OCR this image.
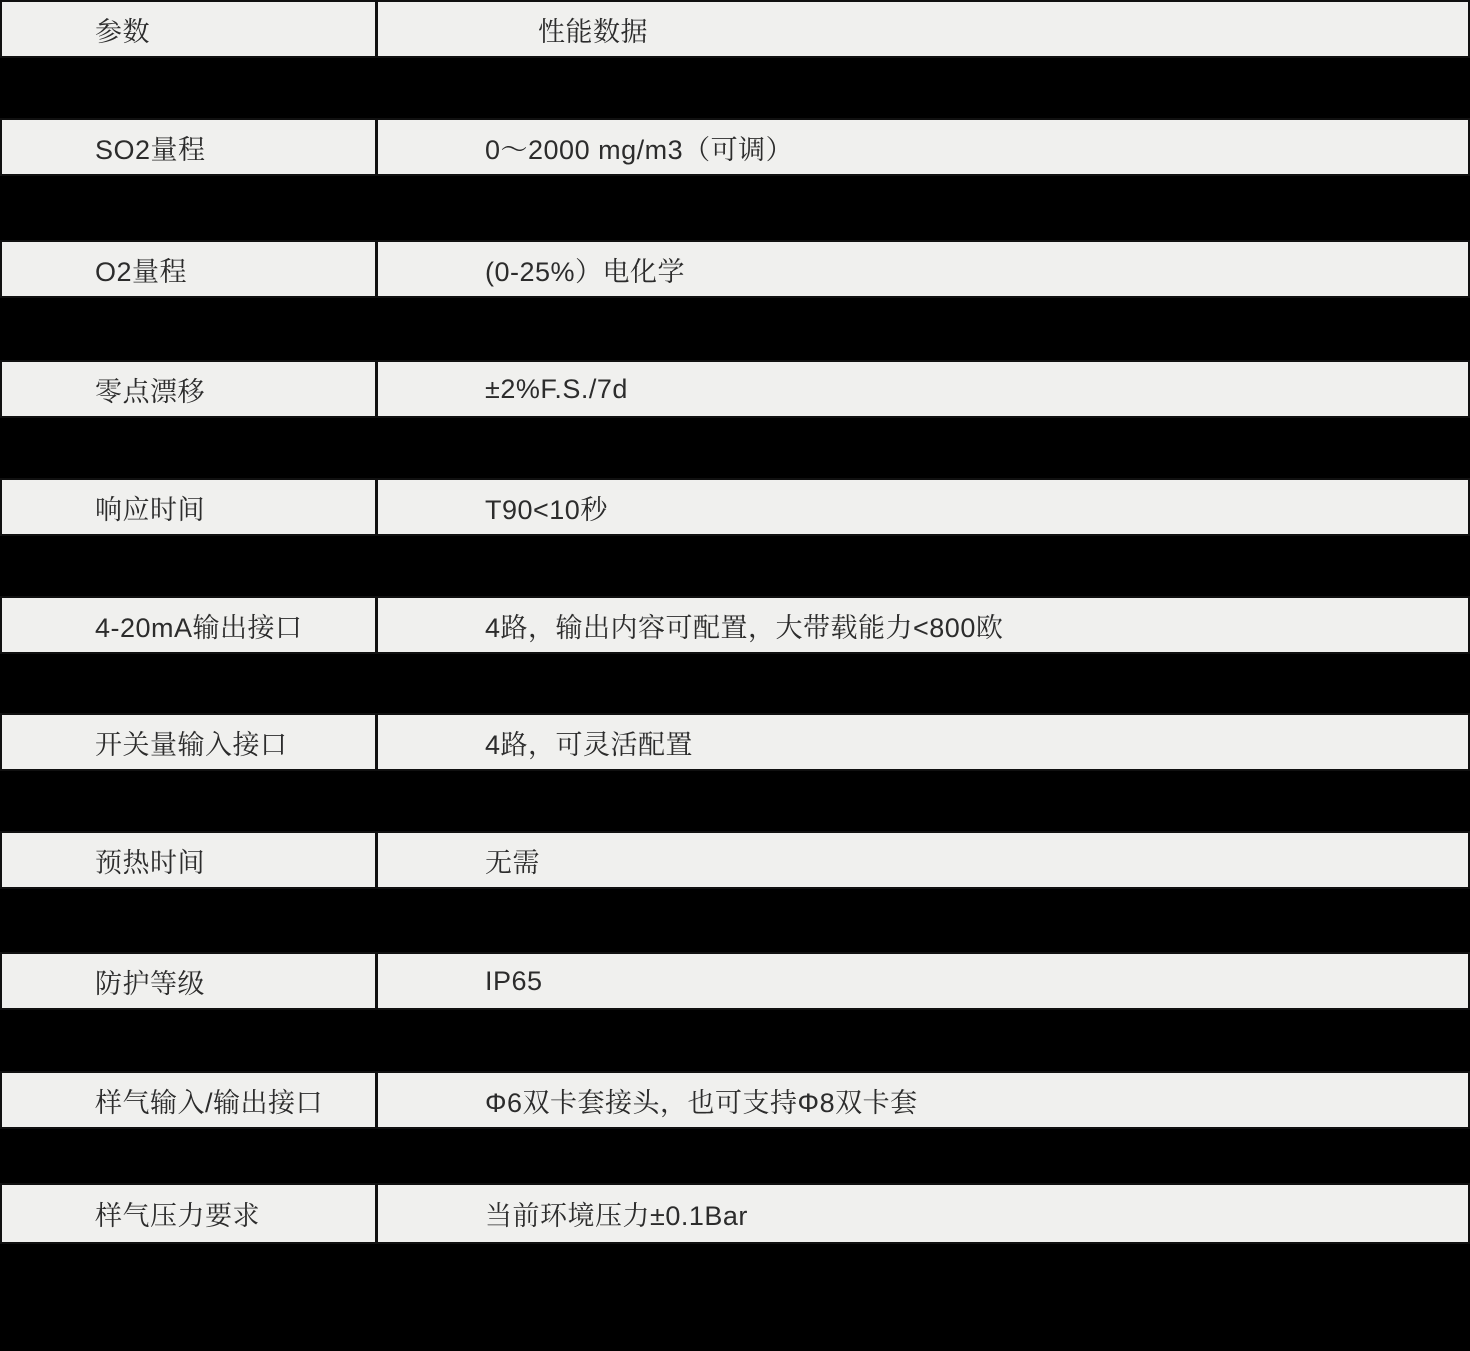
参数	性能数据
SO2量程	0～2000 mg/m3（可调）
O2量程	(0-25%）电化学
零点漂移	±2%F.S./7d
响应时间	T90<10秒
4-20mA输出接口	4路，输出内容可配置，大带载能力<800欧
开关量输入接口	4路，可灵活配置
预热时间	无需
防护等级	IP65
样气输入/输出接口	Φ6双卡套接头，也可支持Φ8双卡套
样气压力要求	当前环境压力±0.1Bar
